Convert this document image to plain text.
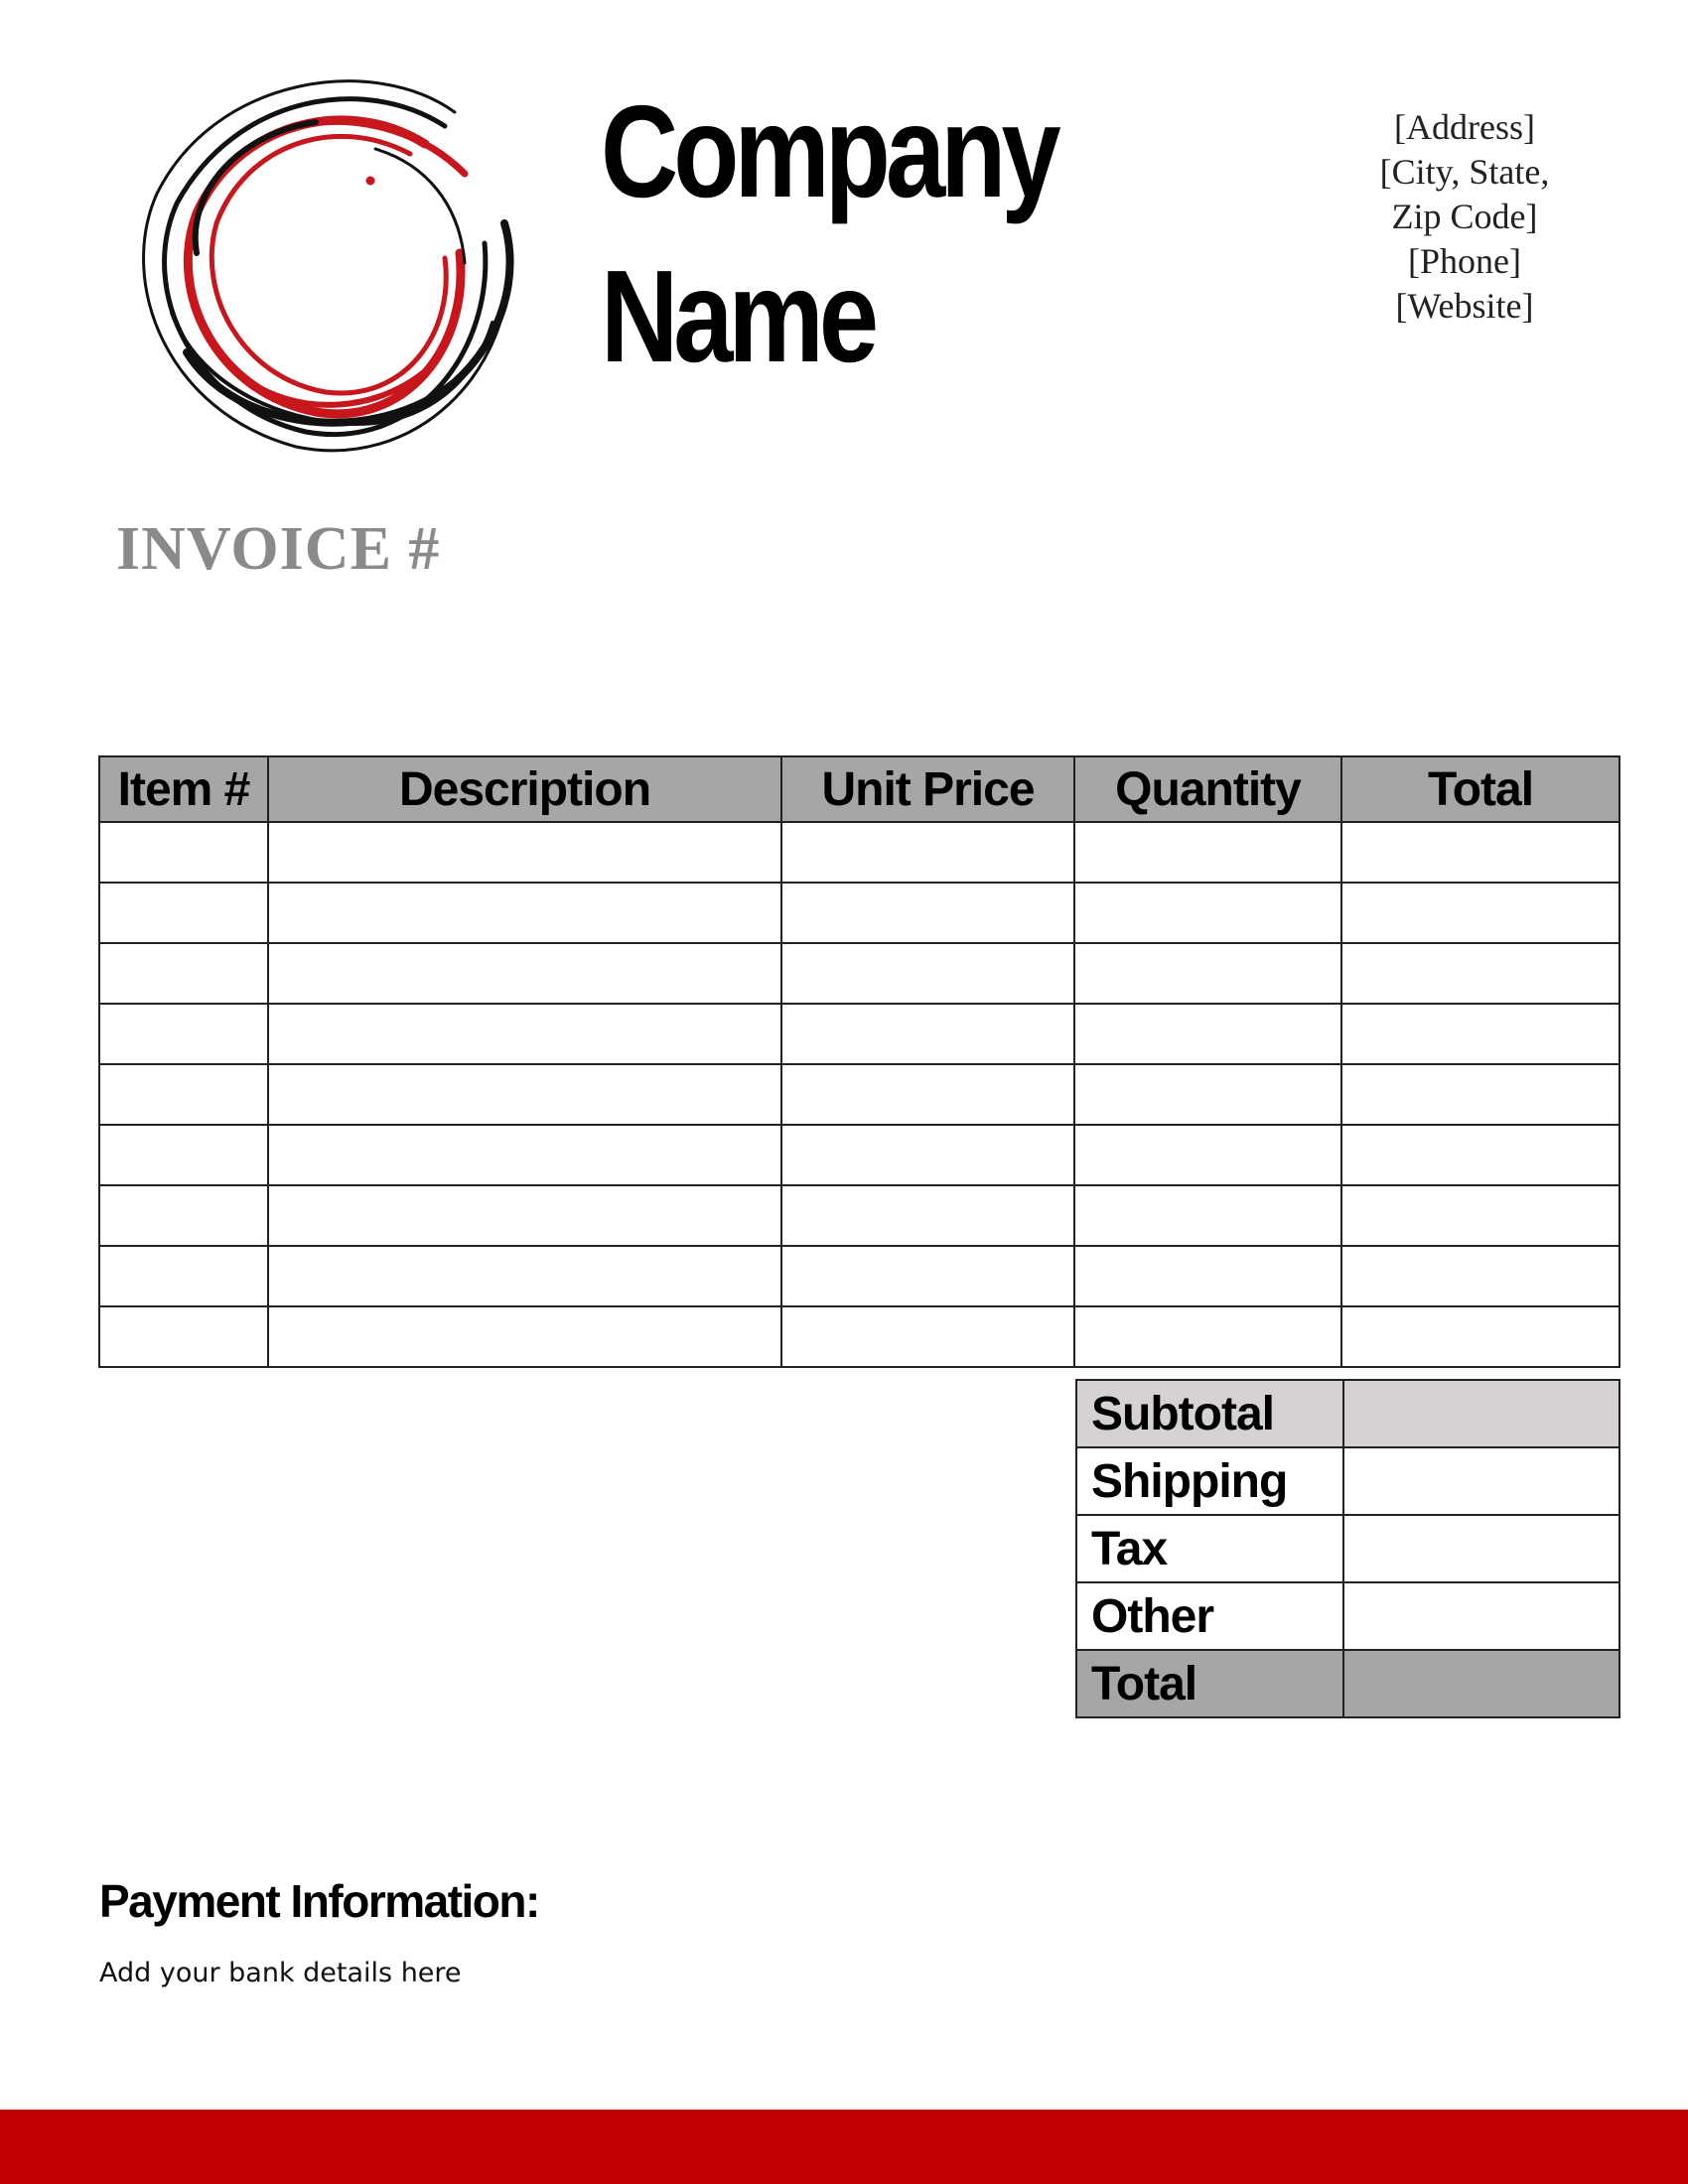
Company
Name
[Address]
[City, State,
Zip Code]
[Phone]
[Website]
INVOICE #
Item #	Description	Unit Price	Quantity	Total

Subtotal	
Shipping	
Tax	
Other	
Total	
Payment Information:
Add your bank details here
